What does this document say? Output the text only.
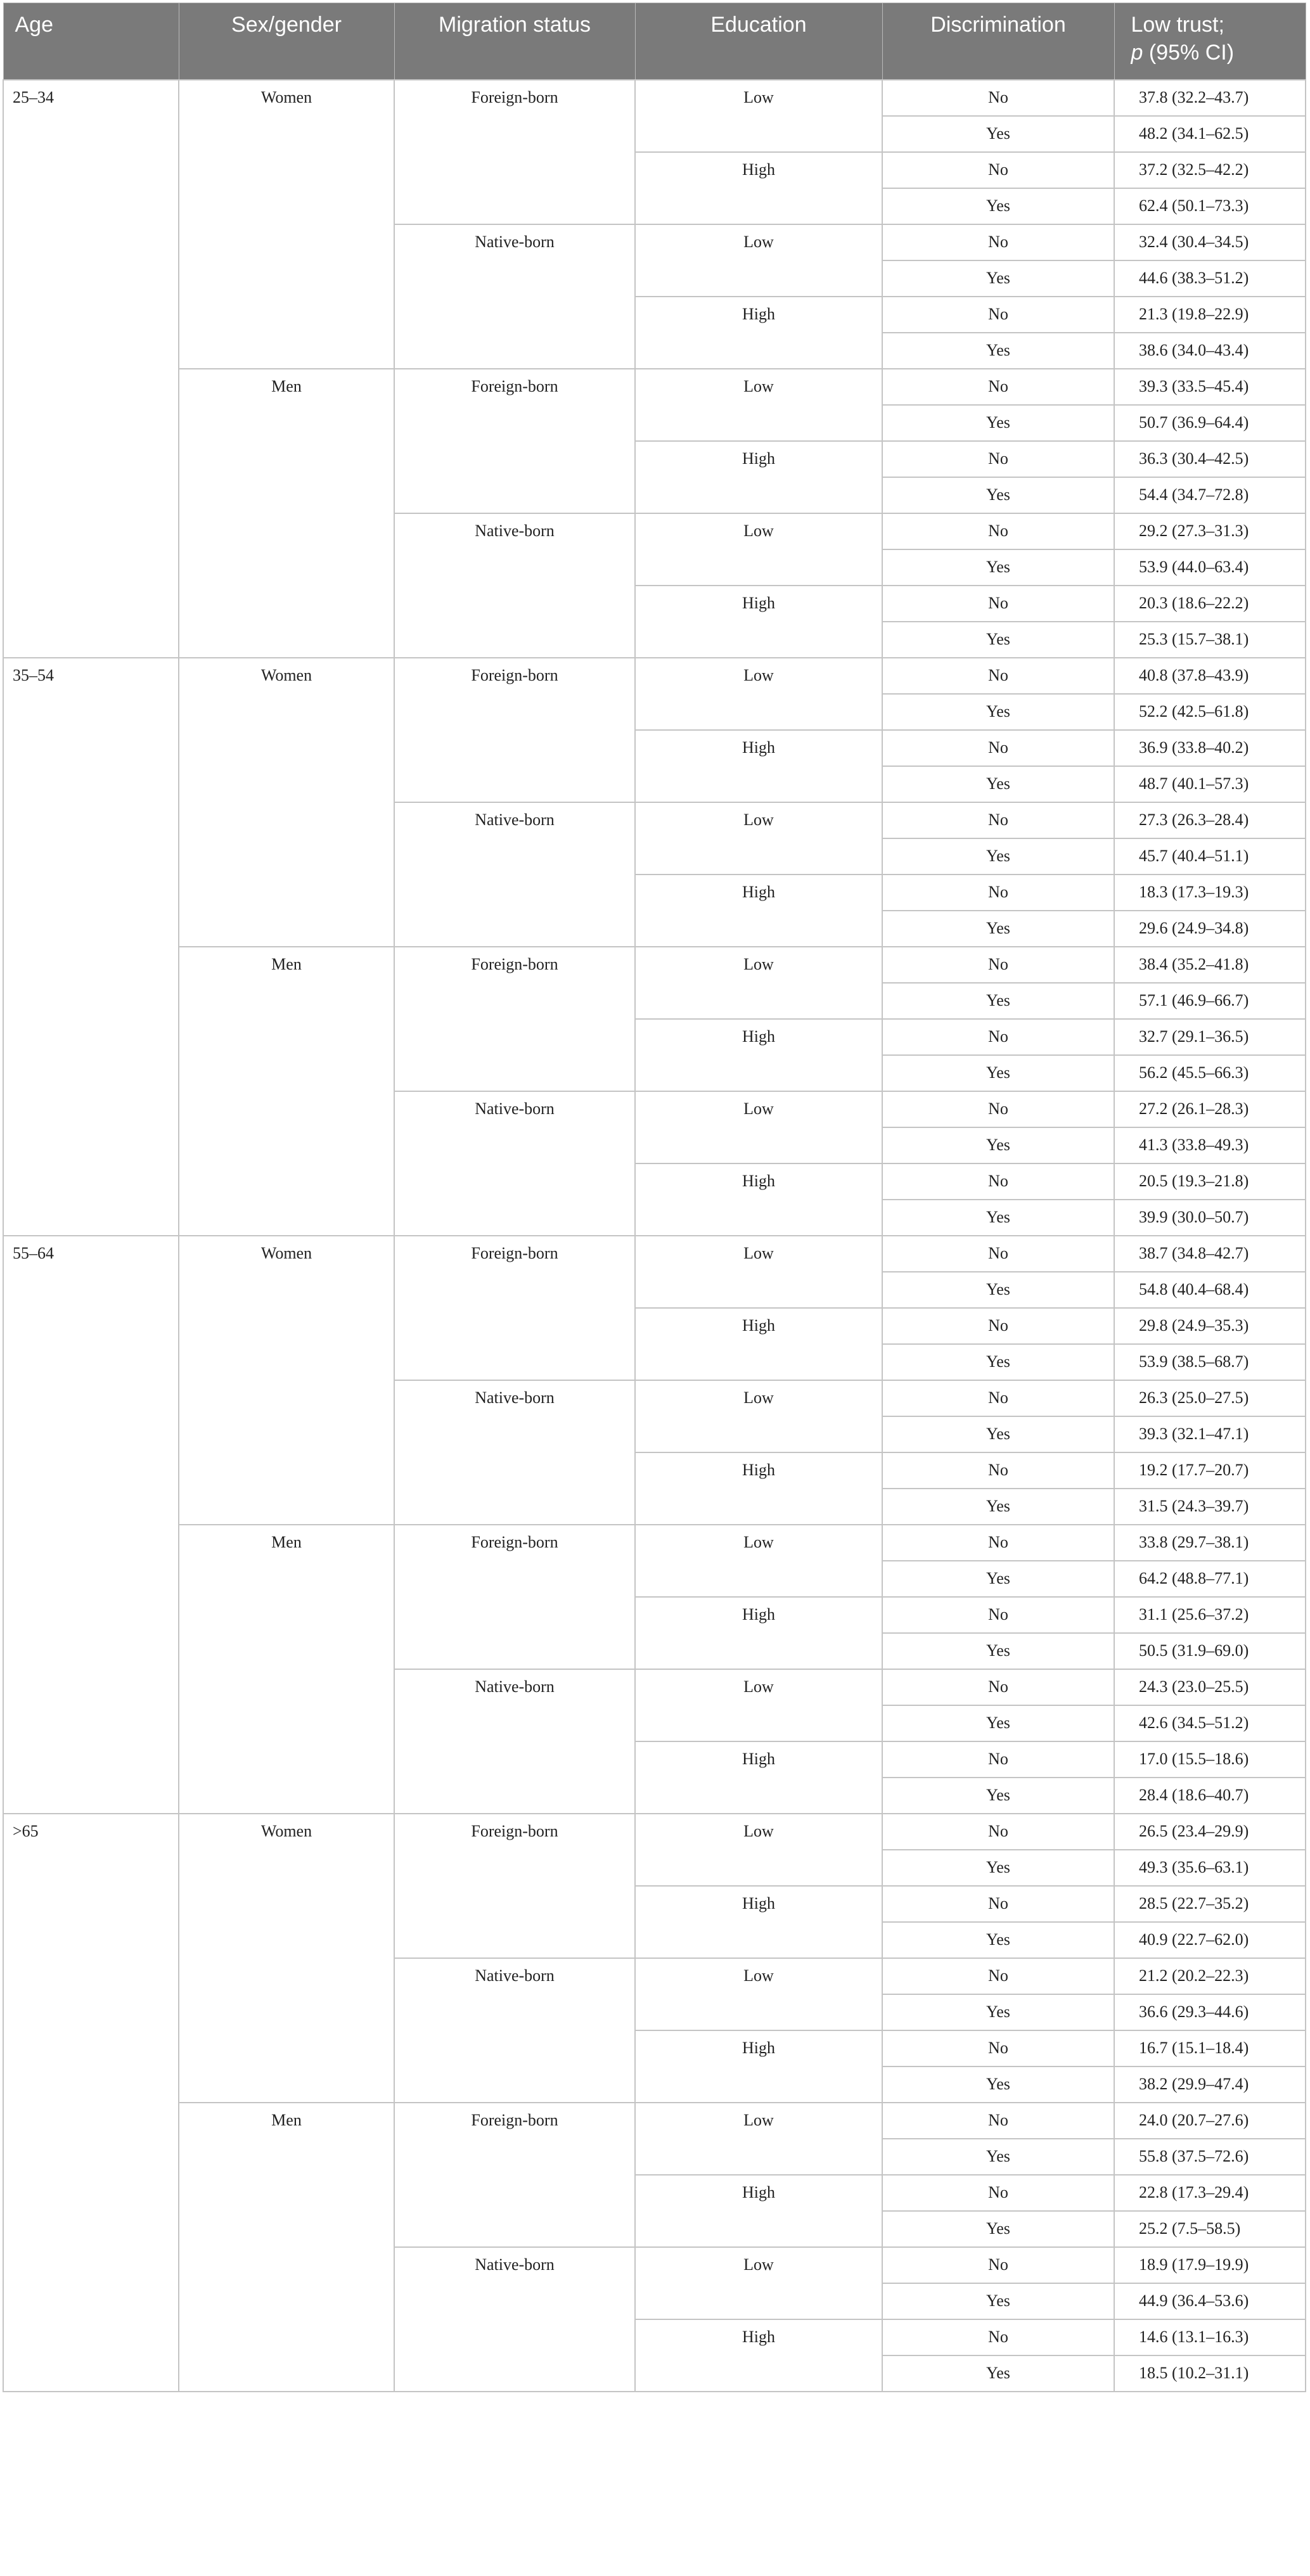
Age	Sex/gender	Migration status	Education	Discrimination	Low trust;
p (95% CI)
25–34	Women	Foreign-born	Low	No	37.8 (32.2–43.7)
				Yes	48.2 (34.1–62.5)
			High	No	37.2 (32.5–42.2)
				Yes	62.4 (50.1–73.3)
		Native-born	Low	No	32.4 (30.4–34.5)
				Yes	44.6 (38.3–51.2)
			High	No	21.3 (19.8–22.9)
				Yes	38.6 (34.0–43.4)
	Men	Foreign-born	Low	No	39.3 (33.5–45.4)
				Yes	50.7 (36.9–64.4)
			High	No	36.3 (30.4–42.5)
				Yes	54.4 (34.7–72.8)
		Native-born	Low	No	29.2 (27.3–31.3)
				Yes	53.9 (44.0–63.4)
			High	No	20.3 (18.6–22.2)
				Yes	25.3 (15.7–38.1)
35–54	Women	Foreign-born	Low	No	40.8 (37.8–43.9)
				Yes	52.2 (42.5–61.8)
			High	No	36.9 (33.8–40.2)
				Yes	48.7 (40.1–57.3)
		Native-born	Low	No	27.3 (26.3–28.4)
				Yes	45.7 (40.4–51.1)
			High	No	18.3 (17.3–19.3)
				Yes	29.6 (24.9–34.8)
	Men	Foreign-born	Low	No	38.4 (35.2–41.8)
				Yes	57.1 (46.9–66.7)
			High	No	32.7 (29.1–36.5)
				Yes	56.2 (45.5–66.3)
		Native-born	Low	No	27.2 (26.1–28.3)
				Yes	41.3 (33.8–49.3)
			High	No	20.5 (19.3–21.8)
				Yes	39.9 (30.0–50.7)
55–64	Women	Foreign-born	Low	No	38.7 (34.8–42.7)
				Yes	54.8 (40.4–68.4)
			High	No	29.8 (24.9–35.3)
				Yes	53.9 (38.5–68.7)
		Native-born	Low	No	26.3 (25.0–27.5)
				Yes	39.3 (32.1–47.1)
			High	No	19.2 (17.7–20.7)
				Yes	31.5 (24.3–39.7)
	Men	Foreign-born	Low	No	33.8 (29.7–38.1)
				Yes	64.2 (48.8–77.1)
			High	No	31.1 (25.6–37.2)
				Yes	50.5 (31.9–69.0)
		Native-born	Low	No	24.3 (23.0–25.5)
				Yes	42.6 (34.5–51.2)
			High	No	17.0 (15.5–18.6)
				Yes	28.4 (18.6–40.7)
>65	Women	Foreign-born	Low	No	26.5 (23.4–29.9)
				Yes	49.3 (35.6–63.1)
			High	No	28.5 (22.7–35.2)
				Yes	40.9 (22.7–62.0)
		Native-born	Low	No	21.2 (20.2–22.3)
				Yes	36.6 (29.3–44.6)
			High	No	16.7 (15.1–18.4)
				Yes	38.2 (29.9–47.4)
	Men	Foreign-born	Low	No	24.0 (20.7–27.6)
				Yes	55.8 (37.5–72.6)
			High	No	22.8 (17.3–29.4)
				Yes	25.2 (7.5–58.5)
		Native-born	Low	No	18.9 (17.9–19.9)
				Yes	44.9 (36.4–53.6)
			High	No	14.6 (13.1–16.3)
				Yes	18.5 (10.2–31.1)
